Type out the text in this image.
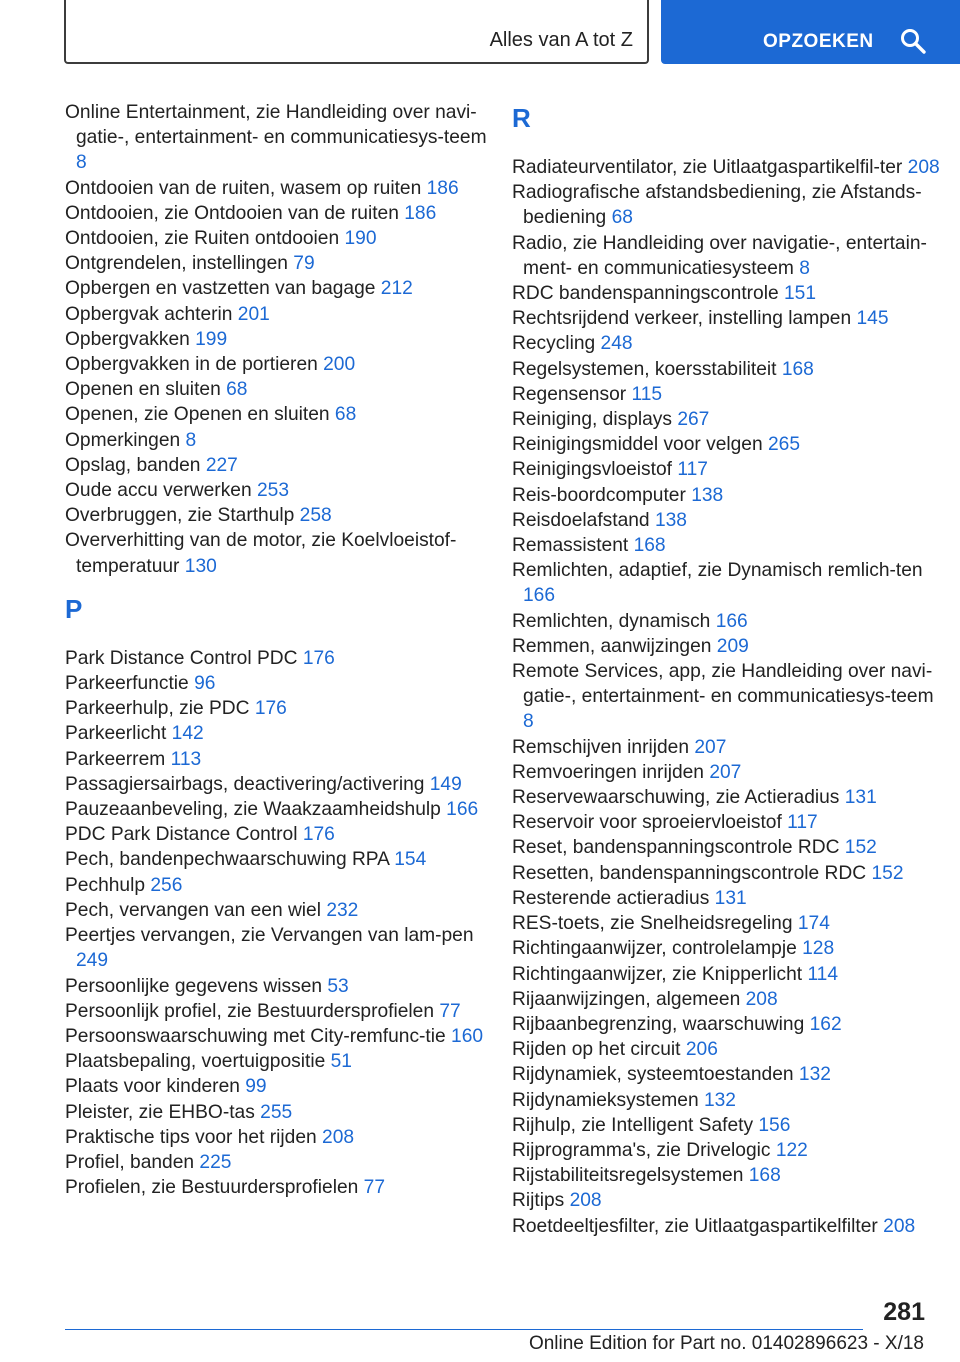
Alles van A tot Z	OPZOEKEN
Online Entertainment, zie Handleiding over navi-gatie-, entertainment- en communicatiesys-teem 8
Ontdooien van de ruiten, wasem op ruiten 186
Ontdooien, zie Ontdooien van de ruiten 186
Ontdooien, zie Ruiten ontdooien 190
Ontgrendelen, instellingen 79
Opbergen en vastzetten van bagage 212
Opbergvak achterin 201
Opbergvakken 199
Opbergvakken in de portieren 200
Openen en sluiten 68
Openen, zie Openen en sluiten 68
Opmerkingen 8
Opslag, banden 227
Oude accu verwerken 253
Overbruggen, zie Starthulp 258
Oververhitting van de motor, zie Koelvloeistof-temperatuur 130
P
Park Distance Control PDC 176
Parkeerfunctie 96
Parkeerhulp, zie PDC 176
Parkeerlicht 142
Parkeerrem 113
Passagiersairbags, deactivering/activering 149
Pauzeaanbeveling, zie Waakzaamheidshulp 166
PDC Park Distance Control 176
Pech, bandenpechwaarschuwing RPA 154
Pechhulp 256
Pech, vervangen van een wiel 232
Peertjes vervangen, zie Vervangen van lam-pen 249
Persoonlijke gegevens wissen 53
Persoonlijk profiel, zie Bestuurdersprofielen 77
Persoonswaarschuwing met City-remfunc-tie 160
Plaatsbepaling, voertuigpositie 51
Plaats voor kinderen 99
Pleister, zie EHBO-tas 255
Praktische tips voor het rijden 208
Profiel, banden 225
Profielen, zie Bestuurdersprofielen 77
R
Radiateurventilator, zie Uitlaatgaspartikelfil-ter 208
Radiografische afstandsbediening, zie Afstands-bediening 68
Radio, zie Handleiding over navigatie-, entertain-ment- en communicatiesysteem 8
RDC bandenspanningscontrole 151
Rechtsrijdend verkeer, instelling lampen 145
Recycling 248
Regelsystemen, koersstabiliteit 168
Regensensor 115
Reiniging, displays 267
Reinigingsmiddel voor velgen 265
Reinigingsvloeistof 117
Reis-boordcomputer 138
Reisdoelafstand 138
Remassistent 168
Remlichten, adaptief, zie Dynamisch remlich-ten 166
Remlichten, dynamisch 166
Remmen, aanwijzingen 209
Remote Services, app, zie Handleiding over navi-gatie-, entertainment- en communicatiesys-teem 8
Remschijven inrijden 207
Remvoeringen inrijden 207
Reservewaarschuwing, zie Actieradius 131
Reservoir voor sproeiervloeistof 117
Reset, bandenspanningscontrole RDC 152
Resetten, bandenspanningscontrole RDC 152
Resterende actieradius 131
RES-toets, zie Snelheidsregeling 174
Richtingaanwijzer, controlelampje 128
Richtingaanwijzer, zie Knipperlicht 114
Rijaanwijzingen, algemeen 208
Rijbaanbegrenzing, waarschuwing 162
Rijden op het circuit 206
Rijdynamiek, systeemtoestanden 132
Rijdynamieksystemen 132
Rijhulp, zie Intelligent Safety 156
Rijprogramma's, zie Drivelogic 122
Rijstabiliteitsregelsystemen 168
Rijtips 208
Roetdeeltjesfilter, zie Uitlaatgaspartikelfilter 208
281
Online Edition for Part no. 01402896623 - X/18
